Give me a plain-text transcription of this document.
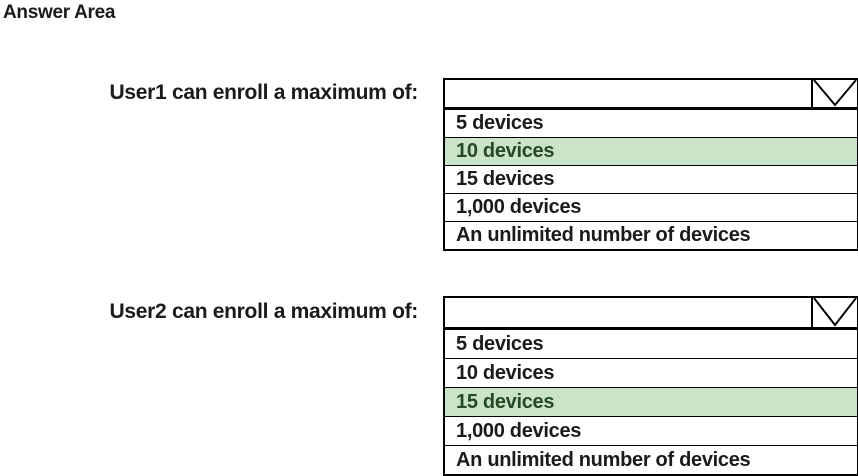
Answer Area
User1 can enroll a maximum of:
5 devices
10 devices
15 devices
1,000 devices
An unlimited number of devices
User2 can enroll a maximum of:
5 devices
10 devices
15 devices
1,000 devices
An unlimited number of devices
